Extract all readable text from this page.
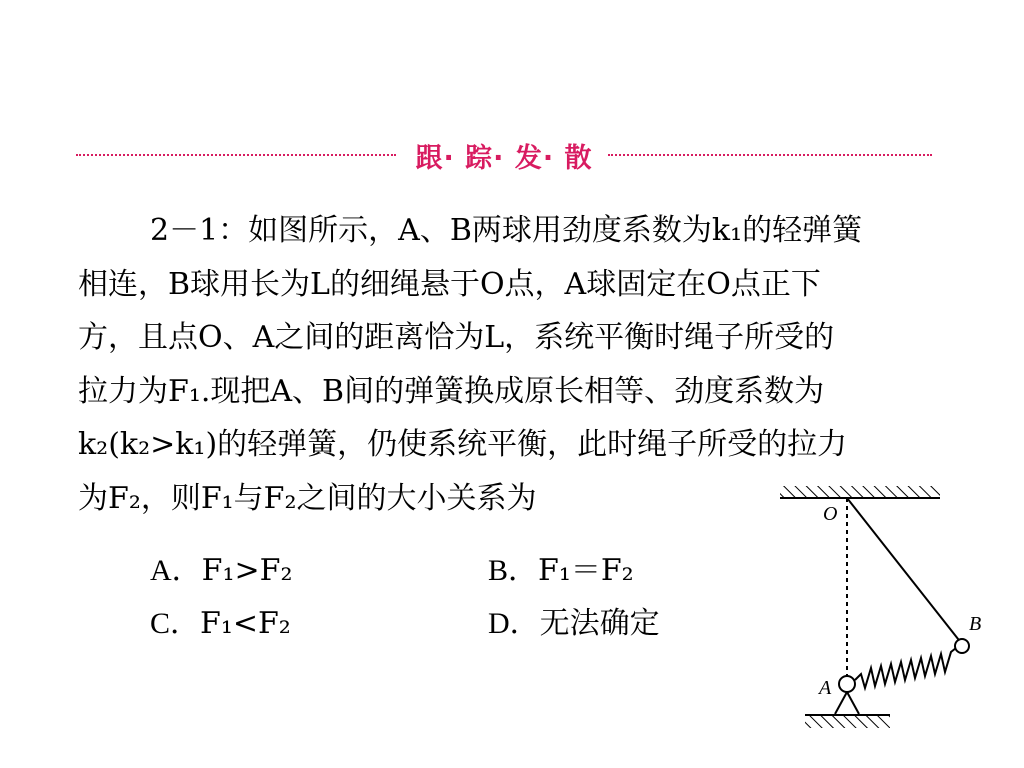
跟· 踪· 发· 散
2－1：如图所示，A、B两球用劲度系数为k₁的轻弹簧
相连，B球用长为L的细绳悬于O点，A球固定在O点正下
方，且点O、A之间的距离恰为L，系统平衡时绳子所受的
拉力为F₁.现把A、B间的弹簧换成原长相等、劲度系数为
k₂(k₂>k₁)的轻弹簧，仍使系统平衡，此时绳子所受的拉力
为F₂，则F₁与F₂之间的大小关系为
A．F₁>F₂	B．F₁＝F₂
C．F₁<F₂	D．无法确定
O
B
A
